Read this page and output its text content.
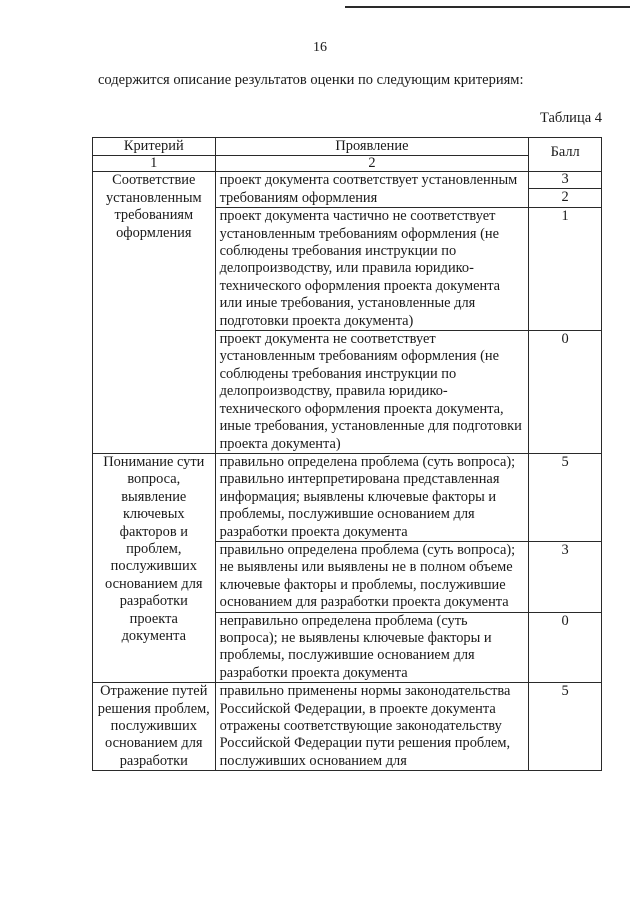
16
содержится описание результатов оценки по следующим критериям:
Таблица 4
Критерий	Проявление	Балл
1	2	
Соответствие установленным требованиям оформления	проект документа соответствует установленным требованиям оформления	3
		2
	проект документа частично не соответствует установленным требованиям оформления (не соблюдены требования инструкции по делопроизводству, или правила юридико-технического оформления проекта документа или иные требования, установленные для подготовки проекта документа)	1
	проект документа не соответствует установленным требованиям оформления (не соблюдены требования инструкции по делопроизводству, правила юридико-технического оформления проекта документа, иные требования, установленные для подготовки проекта документа)	0
Понимание сути вопроса, выявление ключевых факторов и проблем, послуживших основанием для разработки проекта документа	правильно определена проблема (суть вопроса); правильно интерпретирована представленная информация; выявлены ключевые факторы и проблемы, послужившие основанием для разработки проекта документа	5
	правильно определена проблема (суть вопроса); не выявлены или выявлены не в полном объеме ключевые факторы и проблемы, послужившие основанием для разработки проекта документа	3
	неправильно определена проблема (суть вопроса); не выявлены ключевые факторы и проблемы, послужившие основанием для разработки проекта документа	0
Отражение путей решения проблем, послуживших основанием для разработки	правильно применены нормы законодательства Российской Федерации, в проекте документа отражены соответствующие законодательству Российской Федерации пути решения проблем, послуживших основанием для	5
